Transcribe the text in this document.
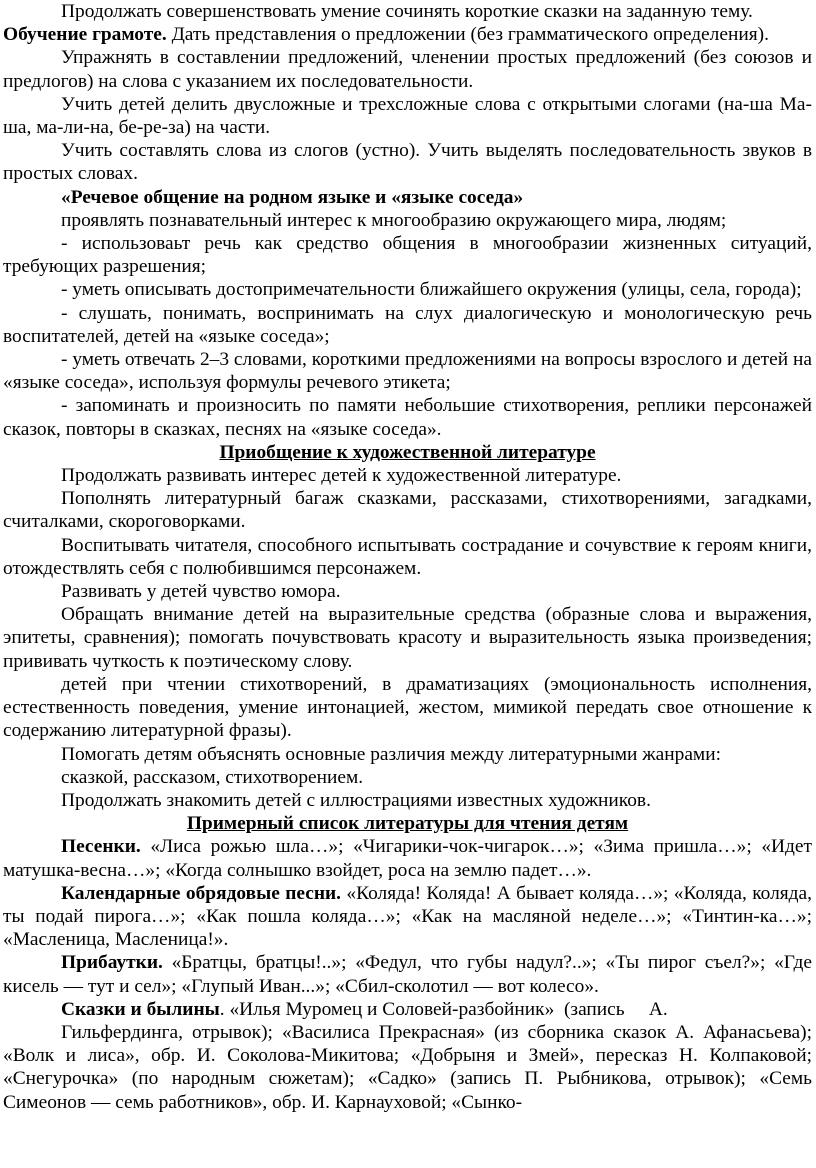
Продолжать совершенствовать умение сочинять короткие сказки на заданную тему.

Обучение грамоте. Дать представления о предложении (без грамматического определения).

Упражнять в составлении предложений, членении простых предложений (без союзов и предлогов) на слова с указанием их последовательности.

Учить детей делить двусложные и трехсложные слова с открытыми слогами (на-ша Ма-ша, ма-ли-на, бе-ре-за) на части.

Учить составлять слова из слогов (устно). Учить выделять последовательность звуков в простых словах.

«Речевое общение на родном языке и «языке соседа»

проявлять познавательный интерес к многообразию окружающего мира, людям;

- использоваьт речь как средство общения в многообразии жизненных ситуаций, требующих разрешения;

- уметь описывать достопримечательности ближайшего окружения (улицы, села, города);

- слушать, понимать, воспринимать на слух диалогическую и монологическую речь воспитателей, детей на «языке соседа»;

- уметь отвечать 2–3 словами, короткими предложениями на вопросы взрослого и детей на «языке соседа», используя формулы речевого этикета;

- запоминать и произносить по памяти небольшие стихотворения, реплики персонажей сказок, повторы в сказках, песнях на «языке соседа».

Приобщение к художественной литературе

Продолжать развивать интерес детей к художественной литературе.

Пополнять литературный багаж сказками, рассказами, стихотворениями, загадками, считалками, скороговорками.

Воспитывать читателя, способного испытывать сострадание и сочувствие к героям книги, отождествлять себя с полюбившимся персонажем.

Развивать у детей чувство юмора.

Обращать внимание детей на выразительные средства (образные слова и выражения, эпитеты, сравнения); помогать почувствовать красоту и выразительность языка произведения; прививать чуткость к поэтическому слову.

детей при чтении стихотворений, в драматизациях (эмоциональность исполнения, естественность поведения, умение интонацией, жестом, мимикой передать свое отношение к содержанию литературной фразы).

Помогать детям объяснять основные различия между литературными жанрами:

сказкой, рассказом, стихотворением.

Продолжать знакомить детей с иллюстрациями известных художников.

Примерный список литературы для чтения детям

Песенки. «Лиса рожью шла…»; «Чигарики-чок-чигарок…»; «Зима пришла…»; «Идет матушка-весна…»; «Когда солнышко взойдет, роса на землю падет…».

Календарные обрядовые песни. «Коляда! Коляда! А бывает коляда…»; «Коляда, коляда, ты подай пирога…»; «Как пошла коляда…»; «Как на масляной неделе…»; «Тинтин-ка…»; «Масленица, Масленица!».

Прибаутки. «Братцы, братцы!..»; «Федул, что губы надул?..»; «Ты пирог съел?»; «Где кисель — тут и сел»; «Глупый Иван...»; «Сбил-сколотил — вот колесо».

Сказки и былины. «Илья Муромец и Соловей-разбойник»  (запись     А.

Гильфердинга, отрывок); «Василиса Прекрасная» (из сборника сказок А. Афанасьева); «Волк и лиса», обр. И. Соколова-Микитова; «Добрыня и Змей», пересказ Н. Колпаковой; «Снегурочка» (по народным сюжетам); «Садко» (запись П. Рыбникова, отрывок); «Семь Симеонов — семь работников», обр. И. Карнауховой; «Сынко-
